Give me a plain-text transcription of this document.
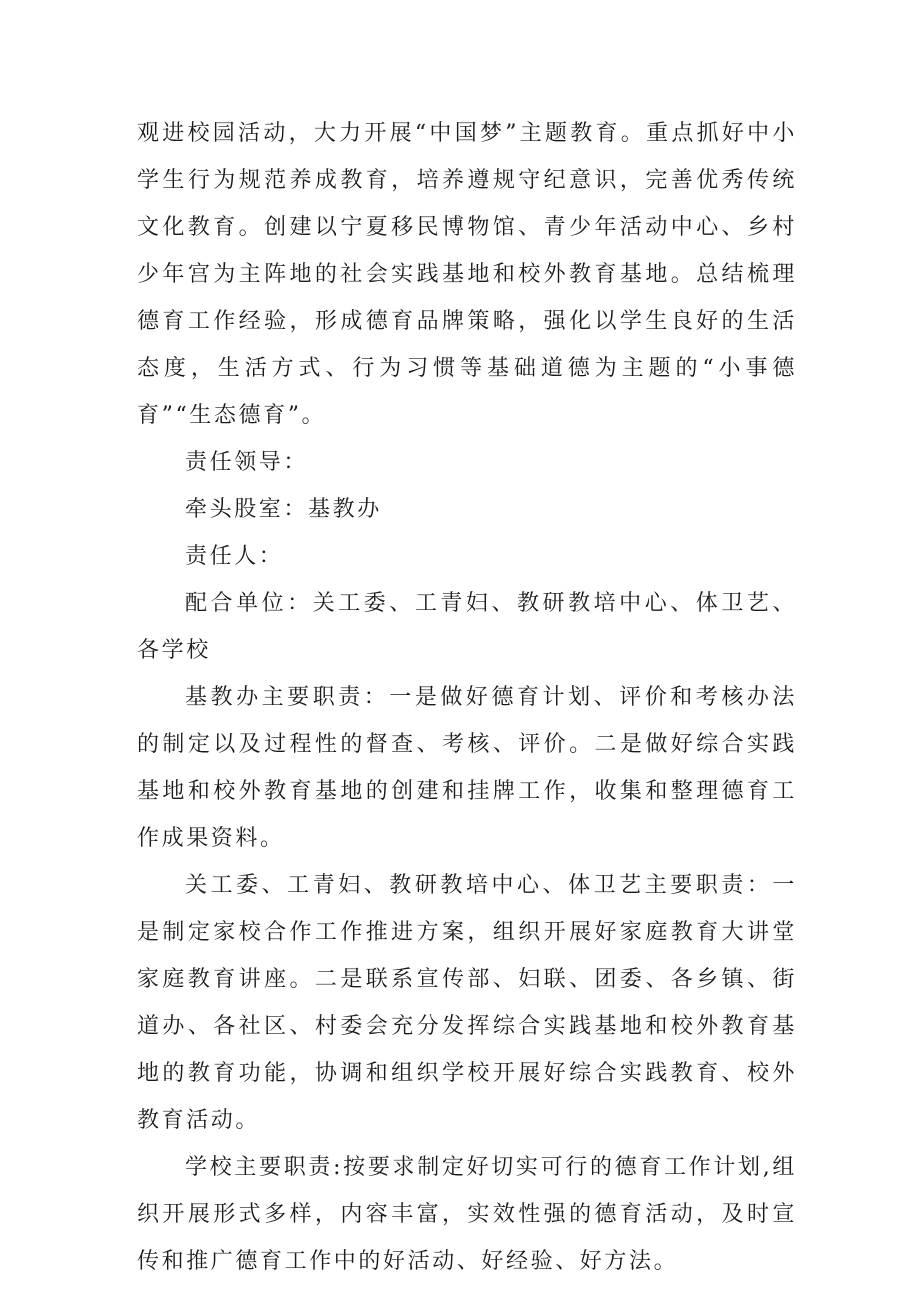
观进校园活动，大力开展“中国梦”主题教育。重点抓好中小学生行为规范养成教育，培养遵规守纪意识，完善优秀传统文化教育。创建以宁夏移民博物馆、青少年活动中心、乡村少年宫为主阵地的社会实践基地和校外教育基地。总结梳理德育工作经验，形成德育品牌策略，强化以学生良好的生活态度，生活方式、行为习惯等基础道德为主题的“小事德育”“生态德育”。

责任领导：

牵头股室：基教办

责任人：

配合单位：关工委、工青妇、教研教培中心、体卫艺、各学校

基教办主要职责：一是做好德育计划、评价和考核办法的制定以及过程性的督查、考核、评价。二是做好综合实践基地和校外教育基地的创建和挂牌工作，收集和整理德育工作成果资料。

关工委、工青妇、教研教培中心、体卫艺主要职责：一是制定家校合作工作推进方案，组织开展好家庭教育大讲堂家庭教育讲座。二是联系宣传部、妇联、团委、各乡镇、街道办、各社区、村委会充分发挥综合实践基地和校外教育基地的教育功能，协调和组织学校开展好综合实践教育、校外教育活动。

学校主要职责:按要求制定好切实可行的德育工作计划,组织开展形式多样，内容丰富，实效性强的德育活动，及时宣传和推广德育工作中的好活动、好经验、好方法。
